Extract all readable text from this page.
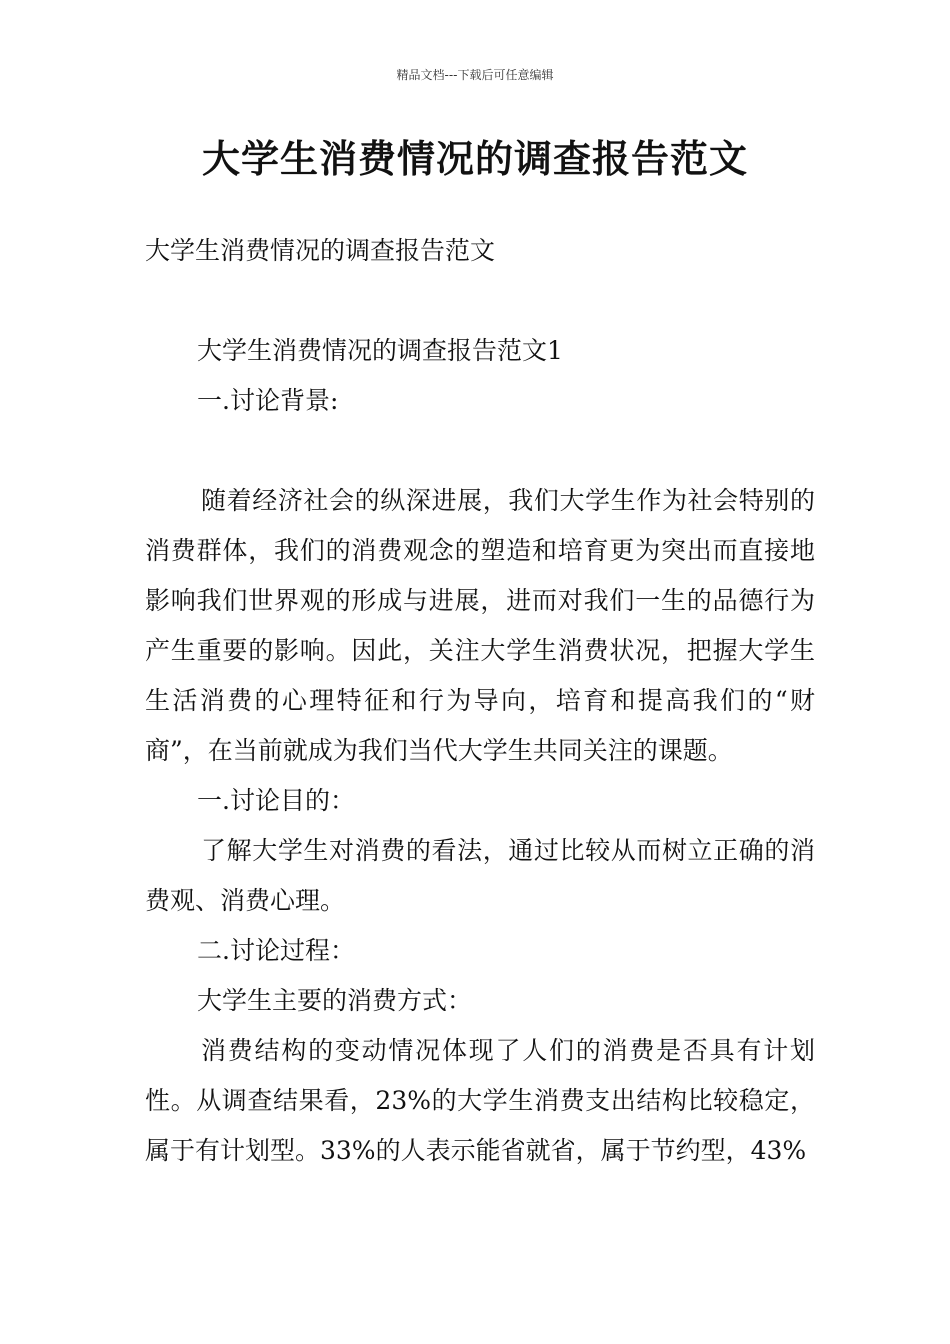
精品文档---下载后可任意编辑
大学生消费情况的调查报告范文

大学生消费情况的调查报告范文

大学生消费情况的调查报告范文1

一.讨论背景:

随着经济社会的纵深进展，我们大学生作为社会特别的消费群体，我们的消费观念的塑造和培育更为突出而直接地影响我们世界观的形成与进展，进而对我们一生的品德行为产生重要的影响。因此，关注大学生消费状况，把握大学生生活消费的心理特征和行为导向，培育和提高我们的“财商”，在当前就成为我们当代大学生共同关注的课题。

一.讨论目的：

了解大学生对消费的看法，通过比较从而树立正确的消费观、消费心理。

二.讨论过程：

大学生主要的消费方式：

消费结构的变动情况体现了人们的消费是否具有计划性。从调查结果看，23%的大学生消费支出结构比较稳定，属于有计划型。33%的人表示能省就省，属于节约型，43%
